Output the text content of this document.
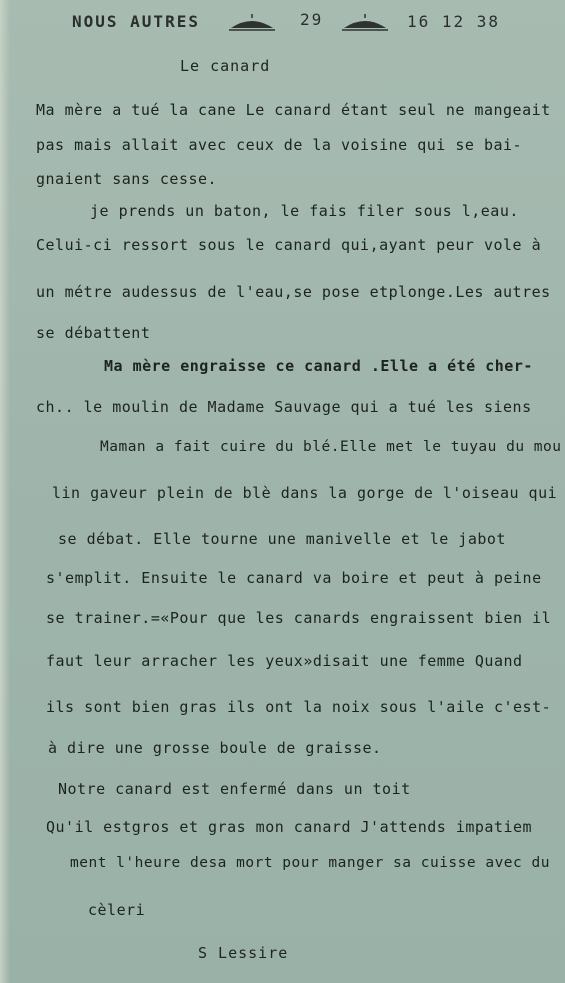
NOUS AUTRES	29	16 12 38
Le canard
Ma mère a tué la cane Le canard étant seul ne mangeait
pas mais allait avec ceux de la voisine qui se bai-
gnaient sans cesse.
je prends un baton, le fais filer sous l,eau.
Celui-ci ressort sous le canard qui,ayant peur vole à
un métre audessus de l'eau,se pose etplonge.Les autres
se débattent
Ma mère engraisse ce canard .Elle a été cher-
ch.. le moulin de Madame Sauvage qui a tué les siens
Maman a fait cuire du blé.Elle met le tuyau du mou
lin gaveur plein de blè dans la gorge de l'oiseau qui
se débat. Elle tourne une manivelle et le jabot
s'emplit. Ensuite le canard va boire et peut à peine
se trainer.=«Pour que les canards engraissent bien il
faut leur arracher les yeux»disait une femme Quand
ils sont bien gras ils ont la noix sous l'aile c'est-
à dire une grosse boule de graisse.
Notre canard est enfermé dans un toit
Qu'il estgros et gras mon canard J'attends impatiem
ment l'heure desa mort pour manger sa cuisse avec du
cèleri
S Lessire
